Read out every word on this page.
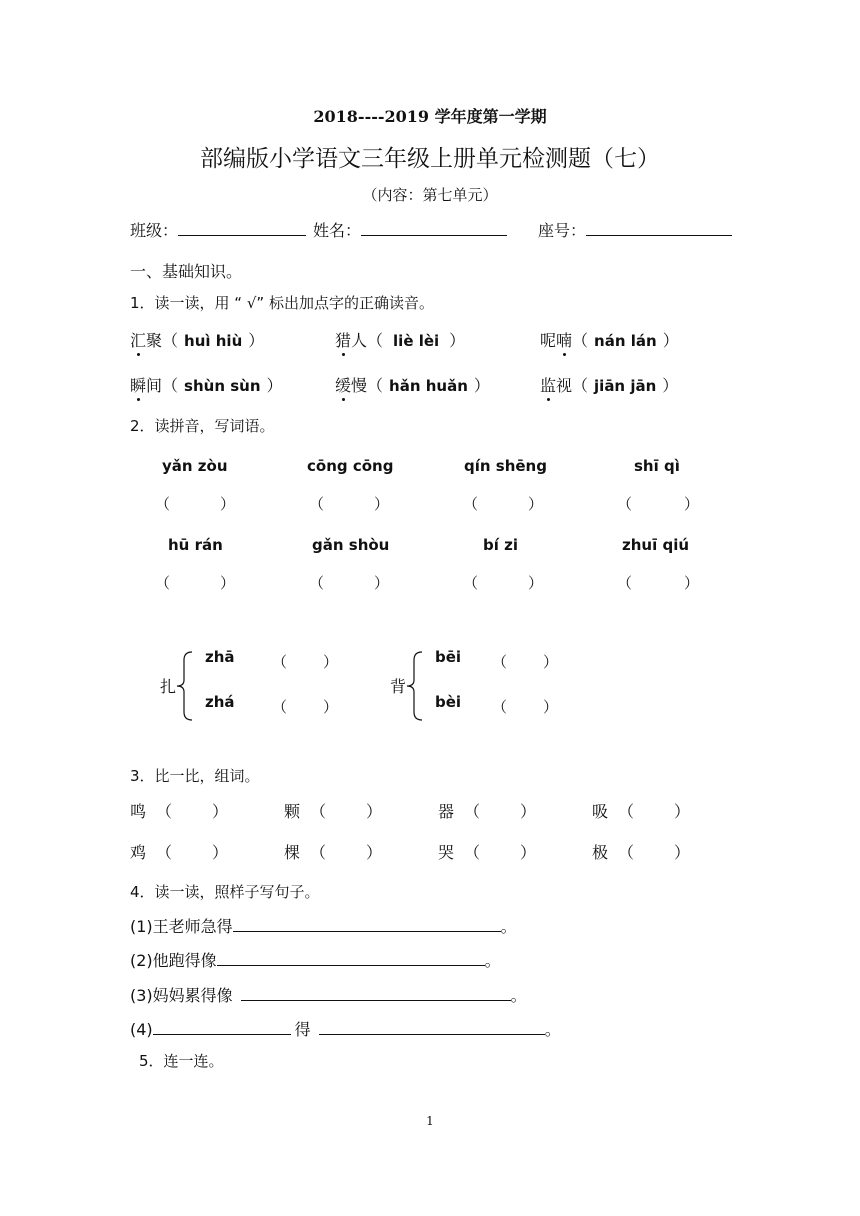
2018----2019 学年度第一学期
部编版小学语文三年级上册单元检测题（七）
（内容：第七单元）
班级：	姓名：	座号：
一、基础知识。
1．读一读，用 “ √” 标出加点字的正确读音。
汇聚（ huì hiù ）	猎人（ liè lèi ）	呢喃（ nán lán ）
瞬间（ shùn sùn ）	缓慢（ hǎn huǎn ）	监视（ jiān jān ）
2．读拼音，写词语。
yǎn zòu	cōng cōng	qín shēng	shī qì
（	）	（	）	（	）	（	）
hū rán	gǎn shòu	bí zi	zhuī qiú
（	）	（	）	（	）	（	）
扎
zhā （ ）
zhá （ ）
背
bēi （ ）
bèi （ ）
3．比一比，组词。
鸣 （	）	颗 （	）	器 （	）	吸 （	）
鸡 （	）	棵 （	）	哭 （	）	极 （	）
4．读一读，照样子写句子。
(1)王老师急得	。
(2)他跑得像	。
(3)妈妈累得像	。
(4)	得	。
5．连一连。
1
